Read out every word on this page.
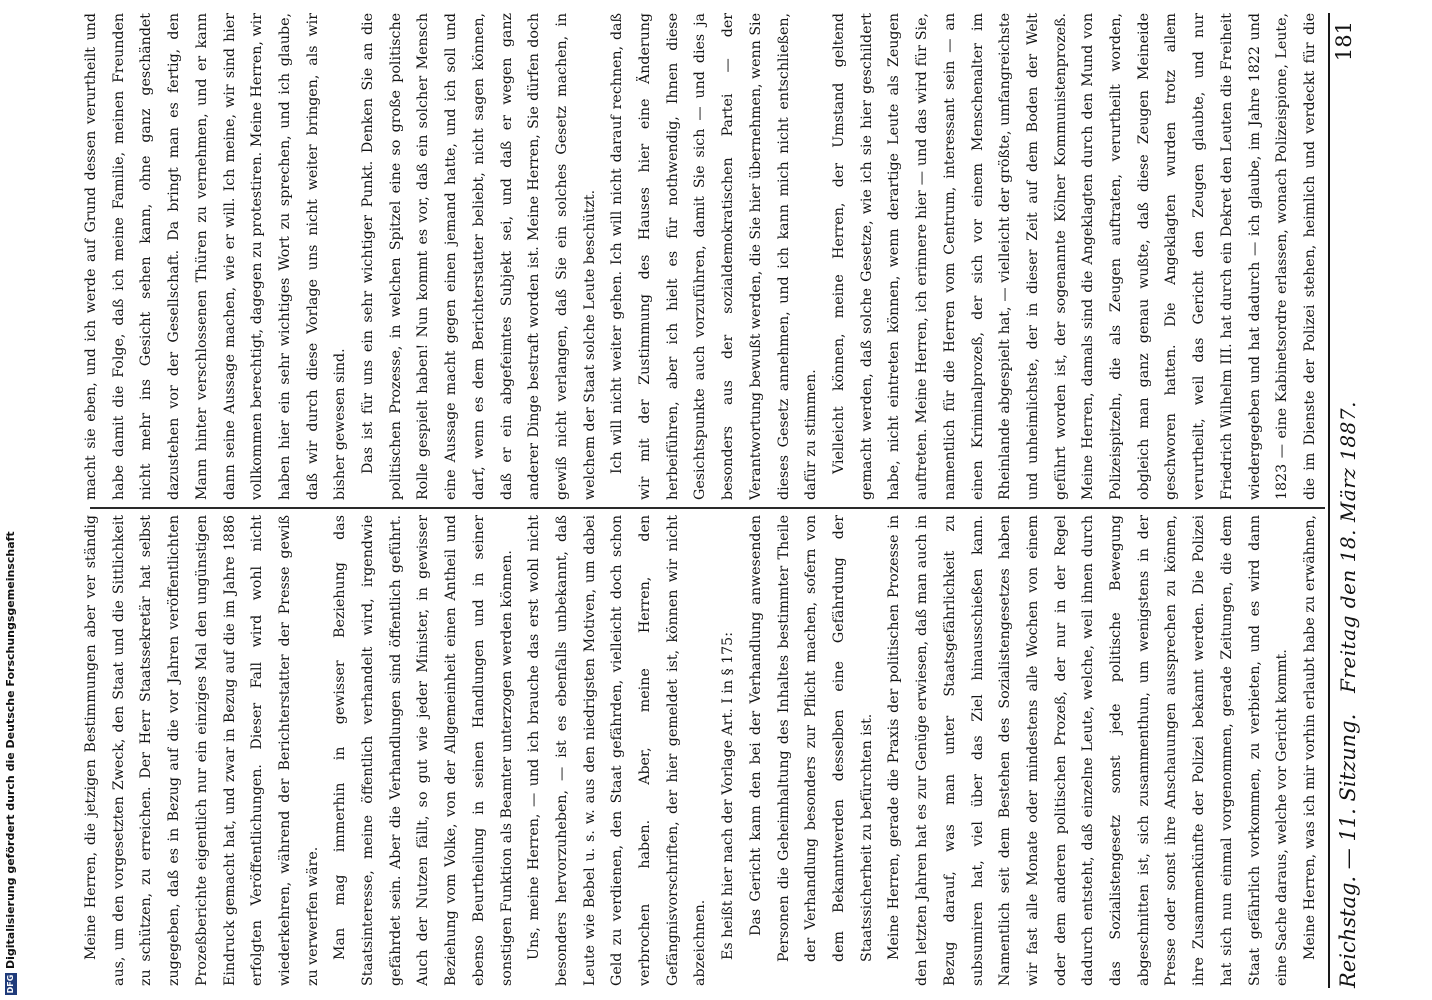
Reichstag. — 11. Sitzung.
Freitag den 18. März 1887.
181

Meine Herren, die jetzigen Bestimmungen aber ver ständig aus, um den vorgesetzten Zweck, den Staat und die Sittlichkeit zu schützen, zu erreichen. Der Herr Staatssekretär hat selbst zugegeben, daß es in Bezug auf die vor Jahren veröffentlichten Prozeßberichte eigentlich nur ein einziges Mal den ungünstigen Eindruck gemacht hat, und zwar in Bezug auf die im Jahre 1886 erfolgten Veröffentlichungen. Dieser Fall wird wohl nicht wiederkehren, während der Berichterstatter der Presse gewiß zu verwerfen wäre. Man mag immerhin in gewisser Beziehung das Staatsinteresse, meine öffentlich verhandelt wird, irgendwie gefährdet sein. Aber die Verhandlungen sind öffentlich geführt. Auch der Nutzen fällt, so gut wie jeder Minister, in gewisser Beziehung vom Volke, von der Allgemeinheit einen Antheil und ebenso Beurtheilung in seinen Handlungen und in seiner sonstigen Funktion als Beamter unterzogen werden können. Uns, meine Herren, — und ich brauche das erst wohl nicht besonders hervorzuheben, — ist es ebenfalls unbekannt, daß Leute wie Bebel u. s. w. aus den niedrigsten Motiven, um dabei Geld zu verdienen, den Staat gefährden, vielleicht doch schon verbrochen haben. Aber, meine Herren, den Gefängnisvorschriften, der hier gemeldet ist, können wir nicht abzeichnen. Es heißt hier nach der Vorlage Art. I in § 175: Das Gericht kann den bei der Verhandlung anwesenden Personen die Geheimhaltung des Inhaltes bestimmter Theile der Verhandlung besonders zur Pflicht machen, sofern von dem Bekanntwerden desselben eine Gefährdung der Staatssicherheit zu befürchten ist. Meine Herren, gerade die Praxis der politischen Prozesse in den letzten Jahren hat es zur Genüge erwiesen, daß man auch in Bezug darauf, was man unter Staatsgefährlichkeit zu subsumiren hat, viel über das Ziel hinausschießen kann. Namentlich seit dem Bestehen des Sozialistengesetzes haben wir fast alle Monate oder mindestens alle Wochen von einem oder dem anderen politischen Prozeß, der nur in der Regel dadurch entsteht, daß einzelne Leute, welche, weil ihnen durch das Sozialistengesetz sonst jede politische Bewegung abgeschnitten ist, sich zusammenthun, um wenigstens in der Presse oder sonst ihre Anschauungen aussprechen zu können, ihre Zusammenkünfte der Polizei bekannt werden. Die Polizei hat sich nun einmal vorgenommen, gerade Zeitungen, die dem Staat gefährlich vorkommen, zu verbieten, und es wird dann eine Sache daraus, welche vor Gericht kommt. Meine Herren, was ich mir vorhin erlaubt habe zu erwähnen,

macht sie eben, und ich werde auf Grund dessen verurtheilt und habe damit die Folge, daß ich meine Familie, meinen Freunden nicht mehr ins Gesicht sehen kann, ohne ganz geschändet dazustehen vor der Gesellschaft. Da bringt man es fertig, den Mann hinter verschlossenen Thüren zu vernehmen, und er kann dann seine Aussage machen, wie er will. Ich meine, wir sind hier vollkommen berechtigt, dagegen zu protestiren. Meine Herren, wir haben hier ein sehr wichtiges Wort zu sprechen, und ich glaube, daß wir durch diese Vorlage uns nicht weiter bringen, als wir bisher gewesen sind. Das ist für uns ein sehr wichtiger Punkt. Denken Sie an die politischen Prozesse, in welchen Spitzel eine so große politische Rolle gespielt haben! Nun kommt es vor, daß ein solcher Mensch eine Aussage macht gegen einen jemand hatte, und ich soll und darf, wenn es dem Berichterstatter beliebt, nicht sagen können, daß er ein abgefeimtes Subjekt sei, und daß er wegen ganz anderer Dinge bestraft worden ist. Meine Herren, Sie dürfen doch gewiß nicht verlangen, daß Sie ein solches Gesetz machen, in welchem der Staat solche Leute beschützt. Ich will nicht weiter gehen. Ich will nicht darauf rechnen, daß wir mit der Zustimmung des Hauses hier eine Änderung herbeiführen, aber ich hielt es für nothwendig, Ihnen diese Gesichtspunkte auch vorzuführen, damit Sie sich — und dies ja besonders aus der sozialdemokratischen Partei — der Verantwortung bewußt werden, die Sie hier übernehmen, wenn Sie dieses Gesetz annehmen, und ich kann mich nicht entschließen, dafür zu stimmen. Vielleicht können, meine Herren, der Umstand geltend gemacht werden, daß solche Gesetze, wie ich sie hier geschildert habe, nicht eintreten können, wenn derartige Leute als Zeugen auftreten. Meine Herren, ich erinnere hier — und das wird für Sie, namentlich für die Herren vom Centrum, interessant sein — an einen Kriminalprozeß, der sich vor einem Menschenalter im Rheinlande abgespielt hat, — vielleicht der größte, umfangreichste und unheimlichste, der in dieser Zeit auf dem Boden der Welt geführt worden ist, der sogenannte Kölner Kommunistenprozeß. Meine Herren, damals sind die Angeklagten durch den Mund von Polizeispitzeln, die als Zeugen auftraten, verurtheilt worden, obgleich man ganz genau wußte, daß diese Zeugen Meineide geschworen hatten. Die Angeklagten wurden trotz allem verurtheilt, weil das Gericht den Zeugen glaubte, und nur Friedrich Wilhelm III. hat durch ein Dekret den Leuten die Freiheit wiedergegeben und hat dadurch — ich glaube, im Jahre 1822 und 1823 — eine Kabinetsordre erlassen, wonach Polizeispione, Leute, die im Dienste der Polizei stehen, heimlich und verdeckt für die

DFGDigitalisierung gefördert durch die Deutsche Forschungsgemeinschaft
